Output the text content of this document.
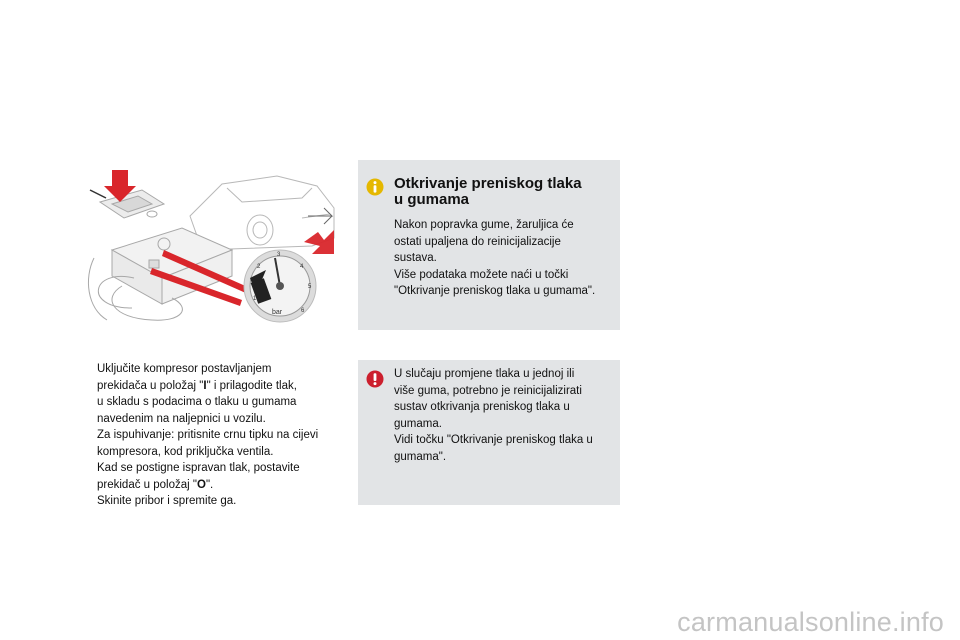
1
2
3
4
5
6
bar
Otkrivanje preniskog tlaka
u gumama
Nakon popravka gume, žaruljica će
ostati upaljena do reinicijalizacije
sustava.
Više podataka možete naći u točki
"Otkrivanje preniskog tlaka u gumama".
Uključite kompresor postavljanjem
prekidača u položaj "I" i prilagodite tlak,
u skladu s podacima o tlaku u gumama
navedenim na naljepnici u vozilu.
Za ispuhivanje: pritisnite crnu tipku na cijevi
kompresora, kod priključka ventila.
Kad se postigne ispravan tlak, postavite
prekidač u položaj "O".
Skinite pribor i spremite ga.
U slučaju promjene tlaka u jednoj ili
više guma, potrebno je reinicijalizirati
sustav otkrivanja preniskog tlaka u
gumama.
Vidi točku "Otkrivanje preniskog tlaka u
gumama".
carmanualsonline.info
